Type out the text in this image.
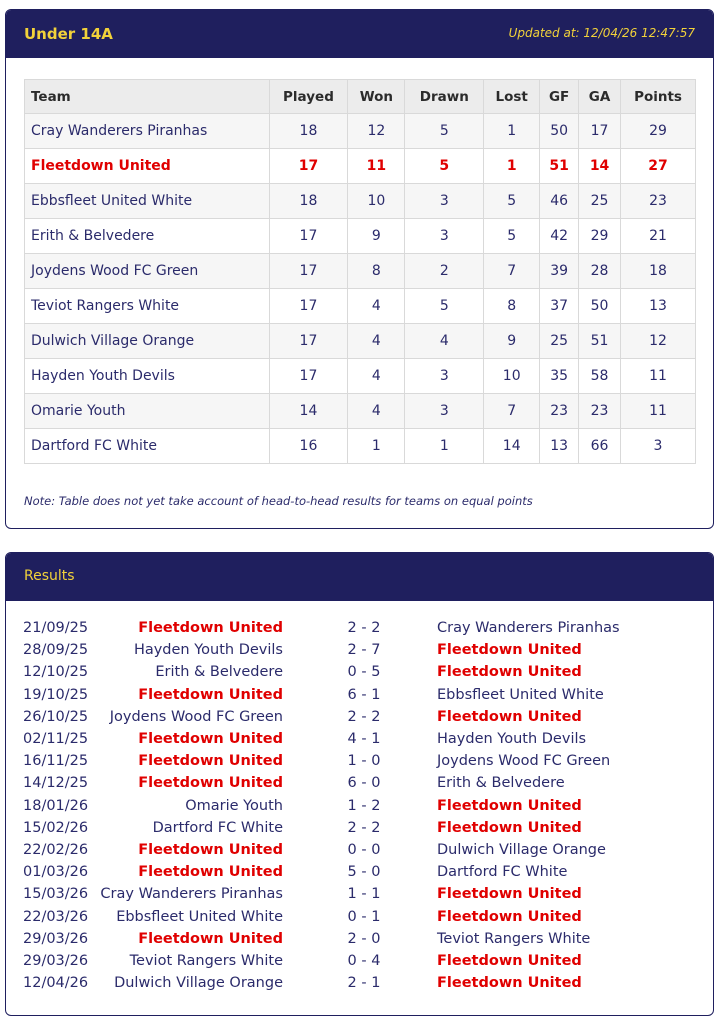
Under 14A	Updated at: 12/04/26 12:47:57
Team	Played	Won	Drawn	Lost	GF	GA	Points
Cray Wanderers Piranhas	18	12	5	1	50	17	29
Fleetdown United	17	11	5	1	51	14	27
Ebbsfleet United White	18	10	3	5	46	25	23
Erith & Belvedere	17	9	3	5	42	29	21
Joydens Wood FC Green	17	8	2	7	39	28	18
Teviot Rangers White	17	4	5	8	37	50	13
Dulwich Village Orange	17	4	4	9	25	51	12
Hayden Youth Devils	17	4	3	10	35	58	11
Omarie Youth	14	4	3	7	23	23	11
Dartford FC White	16	1	1	14	13	66	3
Note: Table does not yet take account of head-to-head results for teams on equal points
Results
21/09/25	Fleetdown United	2 - 2	Cray Wanderers Piranhas
28/09/25	Hayden Youth Devils	2 - 7	Fleetdown United
12/10/25	Erith & Belvedere	0 - 5	Fleetdown United
19/10/25	Fleetdown United	6 - 1	Ebbsfleet United White
26/10/25 Joydens Wood FC Green	2 - 2	Fleetdown United
02/11/25	Fleetdown United	4 - 1	Hayden Youth Devils
16/11/25	Fleetdown United	1 - 0	Joydens Wood FC Green
14/12/25	Fleetdown United	6 - 0	Erith & Belvedere
18/01/26	Omarie Youth	1 - 2	Fleetdown United
15/02/26	Dartford FC White	2 - 2	Fleetdown United
22/02/26	Fleetdown United	0 - 0	Dulwich Village Orange
01/03/26	Fleetdown United	5 - 0	Dartford FC White
15/03/26 Cray Wanderers Piranhas	1 - 1	Fleetdown United
22/03/26 Ebbsfleet United White	0 - 1	Fleetdown United
29/03/26	Fleetdown United	2 - 0	Teviot Rangers White
29/03/26	Teviot Rangers White	0 - 4	Fleetdown United
12/04/26 Dulwich Village Orange	2 - 1	Fleetdown United
